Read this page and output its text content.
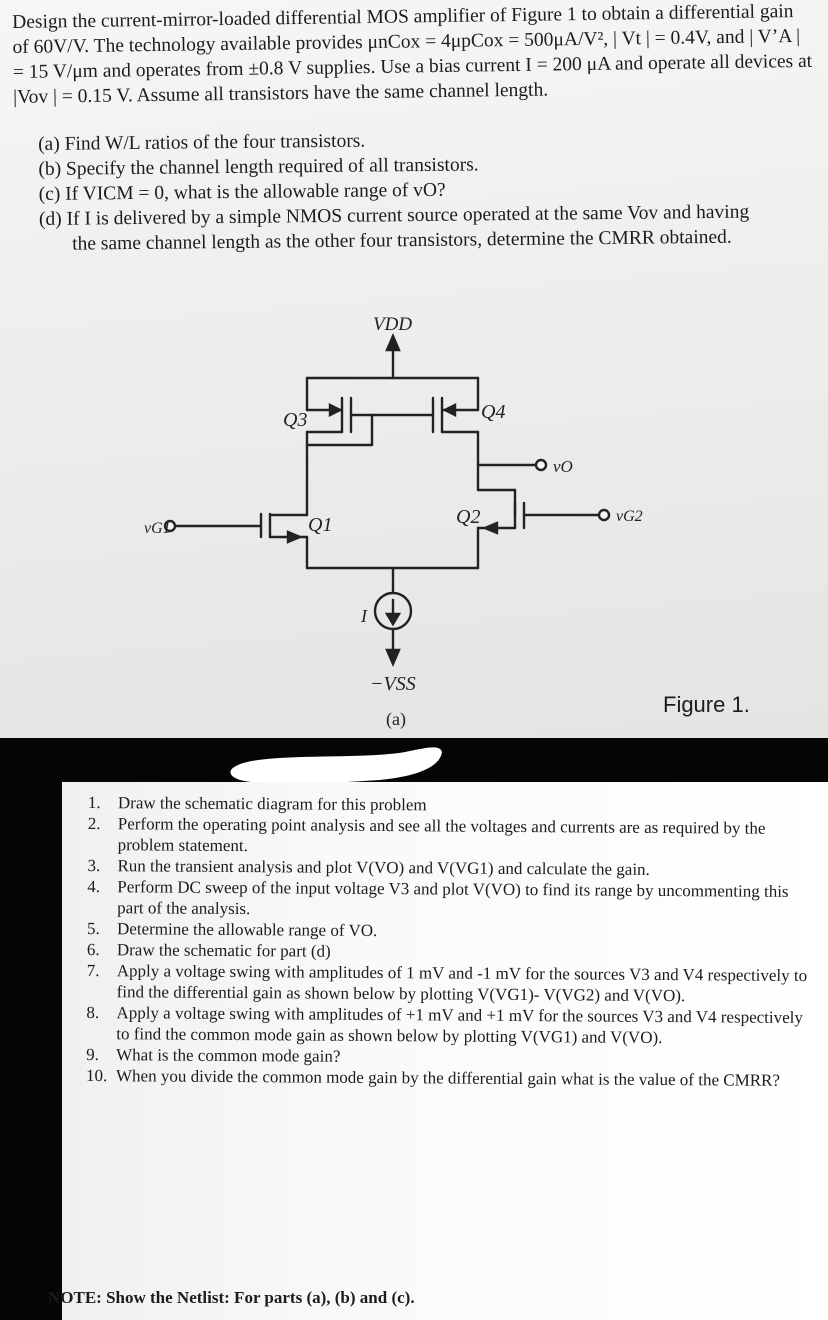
Design the current-mirror-loaded differential MOS amplifier of Figure 1 to obtain a differential gain of 60V/V. The technology available provides μnCox = 4μpCox = 500μA/V², | Vt | = 0.4V, and | V’A | = 15 V/μm and operates from ±0.8 V supplies. Use a bias current I = 200 μA and operate all devices at |Vov | = 0.15 V. Assume all transistors have the same channel length.

(a) Find W/L ratios of the four transistors.

(b) Specify the channel length required of all transistors.

(c) If VICM = 0, what is the allowable range of vO?

(d) If I is delivered by a simple NMOS current source operated at the same Vov and having

the same channel length as the other four transistors, determine the CMRR obtained.

VDD
Q3	Q4
vO
vG1	Q1	Q2	vG2
I
−VSS
(a)
Figure 1.
1.	Draw the schematic diagram for this problem
2.	Perform the operating point analysis and see all the voltages and currents are as required by the problem statement.
3.	Run the transient analysis and plot V(VO) and V(VG1) and calculate the gain.
4.	Perform DC sweep of the input voltage V3 and plot V(VO) to find its range by uncommenting this part of the analysis.
5.	Determine the allowable range of VO.
6.	Draw the schematic for part (d)
7.	Apply a voltage swing with amplitudes of 1 mV and -1 mV for the sources V3 and V4 respectively to find the differential gain as shown below by plotting V(VG1)- V(VG2) and V(VO).
8.	Apply a voltage swing with amplitudes of +1 mV and +1 mV for the sources V3 and V4 respectively to find the common mode gain as shown below by plotting V(VG1) and V(VO).
9.	What is the common mode gain?
10. When you divide the common mode gain by the differential gain what is the value of the CMRR?
NOTE: Show the Netlist: For parts (a), (b) and (c).
